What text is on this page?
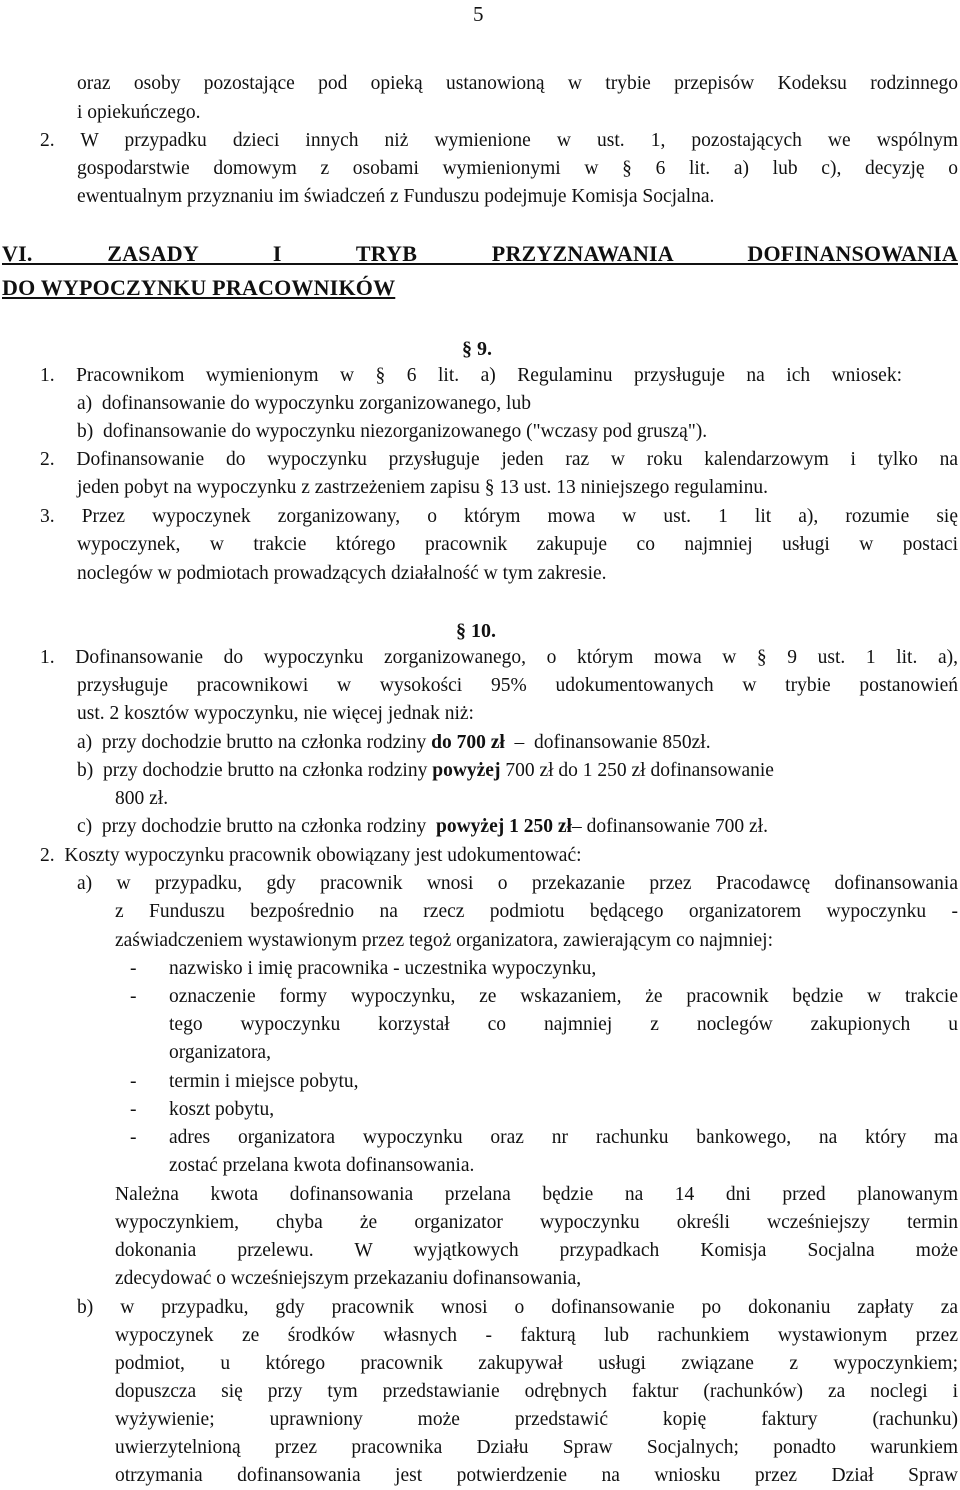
5
oraz osoby pozostające pod opieką ustanowioną w trybie przepisów Kodeksu rodzinnego
i opiekuńczego.
2. W przypadku dzieci innych niż wymienione w ust. 1, pozostających we wspólnym
gospodarstwie domowym z osobami wymienionymi w § 6 lit. a) lub c), decyzję o
ewentualnym przyznaniu im świadczeń z Funduszu podejmuje Komisja Socjalna.
VI. ZASADY I TRYB PRZYZNAWANIA DOFINANSOWANIA
DO WYPOCZYNKU PRACOWNIKÓW
§ 9.
1. Pracownikom wymienionym w § 6 lit. a) Regulaminu przysługuje na ich wniosek:
a)  dofinansowanie do wypoczynku zorganizowanego, lub
b)  dofinansowanie do wypoczynku niezorganizowanego ("wczasy pod gruszą").
2. Dofinansowanie do wypoczynku przysługuje jeden raz w roku kalendarzowym i tylko na
jeden pobyt na wypoczynku z zastrzeżeniem zapisu § 13 ust. 13 niniejszego regulaminu.
3. Przez wypoczynek zorganizowany, o którym mowa w ust. 1 lit a), rozumie się
wypoczynek, w trakcie którego pracownik zakupuje co najmniej usługi w postaci
noclegów w podmiotach prowadzących działalność w tym zakresie.
§ 10.
1. Dofinansowanie do wypoczynku zorganizowanego, o którym mowa w § 9 ust. 1 lit. a),
przysługuje pracownikowi w wysokości 95% udokumentowanych w trybie postanowień
ust. 2 kosztów wypoczynku, nie więcej jednak niż:
a)  przy dochodzie brutto na członka rodziny do 700 zł  –  dofinansowanie 850zł.
b)  przy dochodzie brutto na członka rodziny powyżej 700 zł do 1 250 zł dofinansowanie
800 zł.
c)  przy dochodzie brutto na członka rodziny  powyżej 1 250 zł– dofinansowanie 700 zł.
2.  Koszty wypoczynku pracownik obowiązany jest udokumentować:
a) w przypadku, gdy pracownik wnosi o przekazanie przez Pracodawcę dofinansowania
z Funduszu bezpośrednio na rzecz podmiotu będącego organizatorem wypoczynku -
zaświadczeniem wystawionym przez tegoż organizatora, zawierającym co najmniej:
- nazwisko i imię pracownika - uczestnika wypoczynku,
- oznaczenie formy wypoczynku, ze wskazaniem, że pracownik będzie w trakcie
tego wypoczynku korzystał co najmniej z noclegów zakupionych u
organizatora,
- termin i miejsce pobytu,
- koszt pobytu,
- adres organizatora wypoczynku oraz nr rachunku bankowego, na który ma
zostać przelana kwota dofinansowania.
Należna kwota dofinansowania przelana będzie na 14 dni przed planowanym
wypoczynkiem, chyba że organizator wypoczynku określi wcześniejszy termin
dokonania przelewu. W wyjątkowych przypadkach Komisja Socjalna może
zdecydować o wcześniejszym przekazaniu dofinansowania,
b) w przypadku, gdy pracownik wnosi o dofinansowanie po dokonaniu zapłaty za
wypoczynek ze środków własnych - fakturą lub rachunkiem wystawionym przez
podmiot, u którego pracownik zakupywał usługi związane z wypoczynkiem;
dopuszcza się przy tym przedstawianie odrębnych faktur (rachunków) za noclegi i
wyżywienie; uprawniony może przedstawić kopię faktury (rachunku)
uwierzytelnioną przez pracownika Działu Spraw Socjalnych; ponadto warunkiem
otrzymania dofinansowania jest potwierdzenie na wniosku przez Dział Spraw
